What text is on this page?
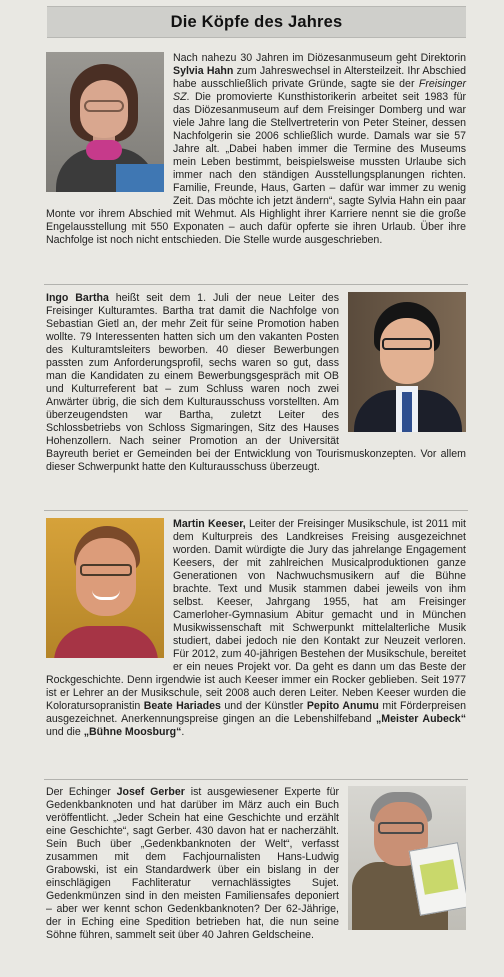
Die Köpfe des Jahres

Nach nahezu 30 Jahren im Diözesanmuseum geht Direktorin Sylvia Hahn zum Jahreswechsel in Altersteilzeit. Ihr Abschied habe ausschließlich private Gründe, sagte sie der Freisinger SZ. Die promovierte Kunsthistorikerin arbeitet seit 1983 für das Diözesanmuseum auf dem Freisinger Domberg und war viele Jahre lang die Stellvertreterin von Peter Steiner, dessen Nachfolgerin sie 2006 schließlich wurde. Damals war sie 57 Jahre alt. „Dabei haben immer die Termine des Museums mein Leben bestimmt, beispielsweise mussten Urlaube sich immer nach den ständigen Ausstellungsplanungen richten. Familie, Freunde, Haus, Garten – dafür war immer zu wenig Zeit. Das möchte ich jetzt ändern“, sagte Sylvia Hahn ein paar Monte vor ihrem Abschied mit Wehmut. Als Highlight ihrer Karriere nennt sie die große Engelausstellung mit 550 Exponaten – auch dafür opferte sie ihren Urlaub. Über ihre Nachfolge ist noch nicht entschieden. Die Stelle wurde ausgeschrieben.

Ingo Bartha heißt seit dem 1. Juli der neue Leiter des Freisinger Kulturamtes. Bartha trat damit die Nachfolge von Sebastian Gietl an, der mehr Zeit für seine Promotion haben wollte. 79 Interessenten hatten sich um den vakanten Posten des Kulturamtsleiters beworben. 40 dieser Bewerbungen passten zum Anforderungsprofil, sechs waren so gut, dass man die Kandidaten zu einem Bewerbungsgespräch mit OB und Kulturreferent bat – zum Schluss waren noch zwei Anwärter übrig, die sich dem Kulturausschuss vorstellten. Am überzeugendsten war Bartha, zuletzt Leiter des Schlossbetriebs von Schloss Sigmaringen, Sitz des Hauses Hohenzollern. Nach seiner Promotion an der Universität Bayreuth beriet er Gemeinden bei der Entwicklung von Tourismuskonzepten. Vor allem dieser Schwerpunkt hatte den Kulturausschuss überzeugt.

Martin Keeser, Leiter der Freisinger Musikschule, ist 2011 mit dem Kulturpreis des Landkreises Freising ausgezeichnet worden. Damit würdigte die Jury das jahrelange Engagement Keesers, der mit zahlreichen Musicalproduktionen ganze Generationen von Nachwuchsmusikern auf die Bühne brachte. Text und Musik stammen dabei jeweils von ihm selbst. Keeser, Jahrgang 1955, hat am Freisinger Camerloher-Gymnasium Abitur gemacht und in München Musikwissenschaft mit Schwerpunkt mittelalterliche Musik studiert, dabei jedoch nie den Kontakt zur Neuzeit verloren. Für 2012, zum 40-jährigen Bestehen der Musikschule, bereitet er ein neues Projekt vor. Da geht es dann um das Beste der Rockgeschichte. Denn irgendwie ist auch Keeser immer ein Rocker geblieben. Seit 1977 ist er Lehrer an der Musikschule, seit 2008 auch deren Leiter. Neben Keeser wurden die Koloratursopranistin Beate Hariades und der Künstler Pepito Anumu mit Förderpreisen ausgezeichnet. Anerkennungspreise gingen an die Lebenshilfeband „Meister Aubeck“ und die „Bühne Moosburg“.

Der Echinger Josef Gerber ist ausgewiesener Experte für Gedenkbanknoten und hat darüber im März auch ein Buch veröffentlicht. „Jeder Schein hat eine Geschichte und erzählt eine Geschichte“, sagt Gerber. 430 davon hat er nacherzählt. Sein Buch über „Gedenkbanknoten der Welt“, verfasst zusammen mit dem Fachjournalisten Hans-Ludwig Grabowski, ist ein Standardwerk über ein bislang in der einschlägigen Fachliteratur vernachlässigtes Sujet. Gedenkmünzen sind in den meisten Familiensafes deponiert – aber wer kennt schon Gedenkbanknoten? Der 62-Jährige, der in Eching eine Spedition betrieben hat, die nun seine Söhne führen, sammelt seit über 40 Jahren Geldscheine.
